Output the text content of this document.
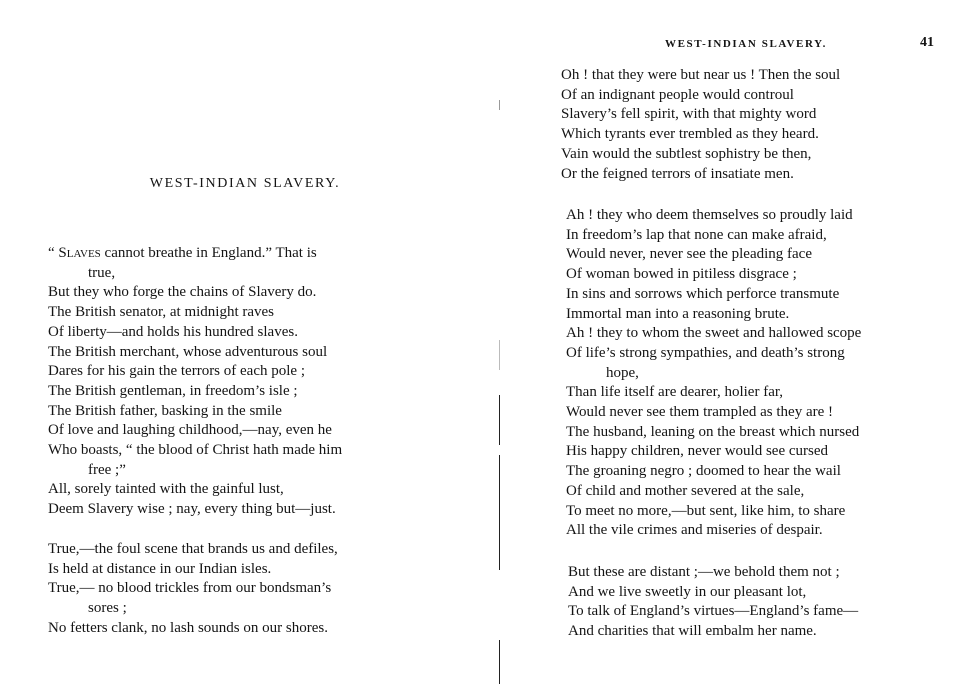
WEST-INDIAN SLAVERY.
“ Slaves cannot breathe in England.” That is
true,
But they who forge the chains of Slavery do.
The British senator, at midnight raves
Of liberty—and holds his hundred slaves.
The British merchant, whose adventurous soul
Dares for his gain the terrors of each pole ;
The British gentleman, in freedom’s isle ;
The British father, basking in the smile
Of love and laughing childhood,—nay, even he
Who boasts, “ the blood of Christ hath made him
free ;”
All, sorely tainted with the gainful lust,
Deem Slavery wise ; nay, every thing but—just.
True,—the foul scene that brands us and defiles,
Is held at distance in our Indian isles.
True,— no blood trickles from our bondsman’s
sores ;
No fetters clank, no lash sounds on our shores.
WEST-INDIAN SLAVERY.	41
Oh ! that they were but near us ! Then the soul
Of an indignant people would controul
Slavery’s fell spirit, with that mighty word
Which tyrants ever trembled as they heard.
Vain would the subtlest sophistry be then,
Or the feigned terrors of insatiate men.
Ah ! they who deem themselves so proudly laid
In freedom’s lap that none can make afraid,
Would never, never see the pleading face
Of woman bowed in pitiless disgrace ;
In sins and sorrows which perforce transmute
Immortal man into a reasoning brute.
Ah ! they to whom the sweet and hallowed scope
Of life’s strong sympathies, and death’s strong
hope,
Than life itself are dearer, holier far,
Would never see them trampled as they are !
The husband, leaning on the breast which nursed
His happy children, never would see cursed
The groaning negro ; doomed to hear the wail
Of child and mother severed at the sale,
To meet no more,—but sent, like him, to share
All the vile crimes and miseries of despair.
But these are distant ;—we behold them not ;
And we live sweetly in our pleasant lot,
To talk of England’s virtues—England’s fame—
And charities that will embalm her name.
